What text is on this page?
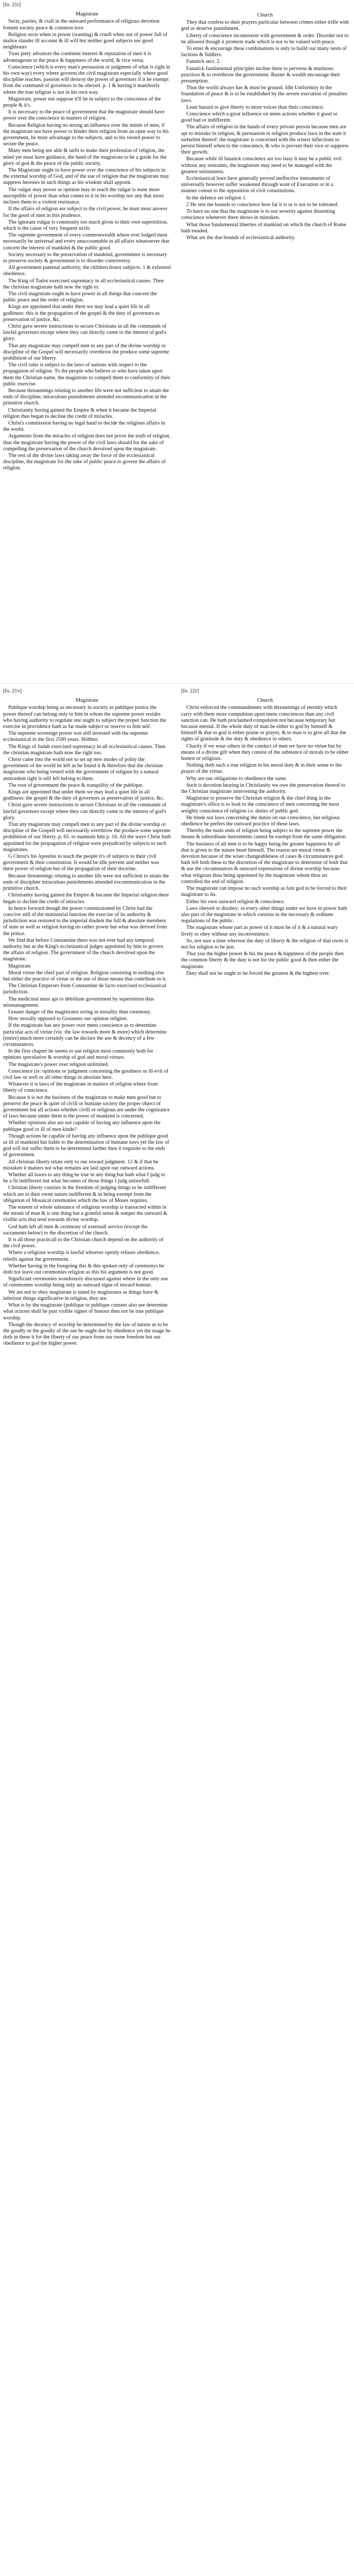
[fo. 21r]
Magistrate

Sects, parties, & craft in the outward performance of religious devotion foment society peace & common love

Religion sects when in power (wanting) & cruell when not of power full of malice slander ill account & ill will but neither good subjects nor good neighbours

Trust piety advances the continent interest & reputation of men it is advantageous to the peace & happiness of the world, & vice versa.

Conscience (which is every man's persuasion or judgment of what is right in his own way) every where governs the civil magistrate especially where good discipline reaches, passion will destroy the power of governors if it be exempt from the command of governors to be obeyed. p. 1 & having it manifestly where the true religion is not in his own way.

Magistrate, power not suppose it'll be in subject to the conscience of the people & it's.

It is necessary to the peace of government that the magistrate should have power over the conscience in matters of religion.

Because Religion having no strong an influence over the minds of men, if the magistrate not have power to hinder their religion from an open way to his government, he must advantage to the subjects, and to his vested power to secure the peace.

Many men being not able & unfit to make their profession of religion, the mind yet must have guidance, the hand of the magistrate to be a guide for the glory of god & the peace of the public society.

The Magistrate ought to have power over the conscience of his subjects in the external worship of God, and of the use of religion that the magistrate may suppress heresies in such things as his wisdom shall appoint.

The vulgar may power or opinion may in reach the vulgar is none more susceptible of power than what comes to it in his worship nor any that more inclines them to a violent resistance.

If the affairs of religion are subject to the civil power, he must most answer for the good of men in this prudence.

The ignorant vulgar is commonly too much given to their own superstition, which is the cause of very frequent strife.

The supreme government of every commonwealth where ever lodged must necessarily be universal and every unaccountable in all affairs whatsoever that concern the interest of mankind & the public good.

Society necessary to the preservation of mankind, government is necessary to preserve society & government is to disorder controversy.

All government paternal authority, the children honor subjects. 1 & exhorted obedience.

The King of Tudor exercised supremacy in all ecclesiastical causes. Then the christian magistrate hath now the right to.

The civil magistrate ought to have power in all things that concern the public peace and the order of religion.

Kings are appointed that under them we may lead a quiet life in all godliness: this is the propagation of the gospel & the duty of governors as preservation of justice, &c.

Christ gave severe instructions to secure Christians in all the commands of lawful governors except where they can directly come to the interest of god's glory.

That any magistrate may compell men to any part of the divine worship or discipline of the Gospel will necessarily overthrow the produce some supreme prohibition of our liberty.

The civil ruler is subject to the laws of nations with respect to the propagation of religion. To the people who believe or who have taken upon them the Christian name, the magistrate to compell them to conformity of their public exercise.

Because threatenings relating to another life were not sufficient to attain the ends of discipline; miraculous punishments attended excommunication in the primitive church.

Christianity having gained the Empire & when it became the Imperial religion thus began to decline the credit of miracles.

Christ's commission having no legal hand to decide the religious affairs in the world.

Arguments from the miracles of religion does not prove the truth of religion, thus the magistrate having the power of the civil laws should for the sake of compelling the preservation of the church devolved upon the magistrate.

The rest of the divine laws taking away the force of the ecclesiastical discipline, the magistrate for the sake of public peace to govern the affairs of religion.

Church

They that confess to their prayers particular between crimes either trifle with god or deserve punishment.

Liberty of conscience inconsistent with government & order. Disorder not to be allowed though it promote trade which is not to be valued with peace.

To enter & encourage these combinations is only to build our many nests of factions & fiddlers.

Fanatick sect. 2.

Fanatick fundamental principles incline them to perverse & mutinous practices & to overthrow the government. Baxter & wealth encourage their presumption.

Thus the world always has & must be ground. Idle Uniformity in the foundation of peace & is to be established by the severe execution of penalties laws.

Least hazard to give liberty to more voices than their conscience.

Conscience which a great influence on mens actions whether it good or good bad or indifferent.

The affairs of religion in the hands of every private person because men are apt to mistake in religion, & persuasion in religion produce laws in the state it turbulent thereof: the magistrate is concerned with the wisest inflections to persist himself when to the conscience, & who is prevent their vice or suppress their growth.

Because while ill fanatick conscience are too busy it may be a public evil without any restraints, the magistrate may need to be managed with the greatest seriousness.

Ecclesiastical laws have generally proved ineffective instruments of universally however suffer weakened through want of Execution or in a manner consul to the opposition of civil constitutions.

In the defence set religion 1.

2 He sets me bounds to conscience how far it is or is not to be tolerated.

To have no one that the magistrate is to use severity against dissenting conscience whenever there shows in mistaken.

What those fundamental liberties of mankind on which the church of Rome hath treaded.

What are the due bounds of ecclesiastical authority.

[fo. 21v]
Magistrate

Publique worship being as necessary in society as publique justice the power thereof can belong only to him in whom the supreme power resides who having authority to regulate one ought to subject the proper function the exercise in providence hath as far made subject or reserve to him self.

The supreme sovereign power was still invested with the supreme ecclesiastical in the first 2500 years. Hobbes.

The Kings of Judah exercised supremacy in all ecclesiastical causes. Then the christian magistrate hath now the right too.

Christ came into the world not to set up new modes of polity the government of the world he left as he found it & therefore that the christian magistrate who being vested with the government of religion by a natural antecedent right is still left belong to them.

The root of government the peace & tranquility of the publique.

Kings are appointed that under them we may lead a quiet life in all godliness: the gospel & the duty of governors as preservation of justice, &c.

Christ gave severe instructions to secure Christians in all the commands of lawful governors except where they can directly come to the interest of god's glory.

That any magistrate may compell men to any part of the divine worship or discipline of the Gospell will necessarily overthrow the produce some supreme prohibition of our liberty. p. 65. to maintain him p. 16. All the ways Christ hath appointed for the propagation of religion were prejudiced by subjects to such magistrates.

G Christ's his Apostles to teach the people it's of subjects to their civil government & their constitution. It would be idle prevent and neither was there power of religion but of the propagation of their doctrine.

Because threatenings relating to another life were not sufficient to attain the ends of discipline miraculous punishments attended excommunication in the primitive church.

Christianity having gained the Empire & became the Imperial religion there began to decline the credit of miracles.

In hence forward though the power commissioned by Christ had the coercive still of the ministerial function the exercise of its authority & jurisdiction was restored to the imperial diadem the full & absolute members of state as well as religion having no rather power but what was derived from the prince.

We find that before Constantine there was not ever had any temporal authority but as the King's ecclesiastical judges appointed by him to govern the affairs of religion. The government of the church devolved upon the magistrate.

Magistrate

Moral virtue the chief part of religion. Religion consisting in nothing else but either the practice of virtue or the use of those means that contribute to it.

The Christian Emperors from Constantine de facto exercised ecclesiastical jurisdiction.

The medicinal must apt to debilitate government by superstition thus mismanagement.

Greater danger of the magistrates erring in morality than ceremony.

How morally opposed to Grounens our opinion religion.

If the magistrate has any power over mens conscience as to determine particular acts of virtue (viz. the law towards more & more) which determine (entire) much more certainly can he declare the use & decency of a few circumstances.

In the first chapter he seems to use religion most commonly both for opinions speculative & worship of god and moral virtues.

The magistrate's power over religion unlimited.

Conscience (ie: opinions or judgment concerning the goodness or ill-evil of civil law or well or all other things in absolute here.

Whatever it is laws of the magistrate in matters of religion where from liberty of conscience.

Because it is not the business of the magistrate to make men good but to preserve the peace & quiet of civill or humane society the proper object of government but all actions whether civill or religious are under the cognizance of laws because under them is the power of mankind is concerned.

Whether opinions also are not capable of having any influence upon the publique good or ill of men kinde?

Though actions be capable of having any influence upon the publique good or ill of mankind but liable to the determination of humane laws yet the law of god will not suffer them to be determined farther then it requisite to the ends of government.

All christian liberty relate only to our inward judgment. 12 & if that be mistaken it matters not what remains are laid upon our outward actions.

Whether all lawes to any thing be true in any thing but hath what I judg to be a fit indifferent but what becomes of those things I judg unlawfull.

Christian liberty consists in the freedom of judging things to be indifferent which are in their owne nature indifferent & in being exempt from the obligation of Mosaical ceremonies which the law of Moses requires.

The esteem of whole substance of religious worship is transacted within in the minds of man & is one thing but a grateful sense & temper the outward & visible acts that tend towards divine worship.

God hath left all men & ceremony of externall service (except the sacraments below) to the discretion of the church.

It is all those practicall to the Christian church depend on the authority of the civil power.

Where a religious worship is lawful whoever openly refuses obedience, rebells against the government.

Whether having in the foregoing this & this spoken only of ceremonys he doth not leave out ceremonies religion as this his argument is not good.

Significant ceremonies wondrously discussed against where in the only use of ceremonies worship being only an outward signe of inward honour.

We are not to obey magistrate is tuned by magistrates as things have & inferiour things significative in religion, they are.

What is by the magistrate (publique or publique consent also see determine what actions shall be past visible signes of honour then not be true publique worship.

Though the decency of worship be determined by the law of nature as to be the goodly or the goodly of the use he ought doe by obedience yet the usage he doth in these it for the liberty of our peace from our owne freedom but our obedience to god the higher power.

[fo. 22r]
Church

Christ enforced the commandments with threatenings of eternity which carry with them more compulsion upon mens consciences than any civil sanction can. He hath proclaimed compulsion not because temporary but because eternal. If the whole duty of man be either to god by himself & himself & that to god is either praise or prayer, & to man is to give all that the rights of gratitude & the duty & obedience to others.

Charity if we wear others in the conduct of men we have no virtue but by means of a divine gift when they consist of the substance of morals to be either honest or religious.

Nothing doth such a true religion in his moral duty & in their sense to the prayer of the virtue.

Why are our obligations to obedience the same.

Such is devotion bearing in Christianity we owe the preservation thereof to the Christian magistrate intervening the authority.

Magistrate to preserve the Christian religion & the chief thing in the magistrate's office is to look to the conscience of men concerning the most weighty conscience of religion i.e. duties of public god.

He binds not laws concerning the duties on our conscience, but religious obedience he prefers the outward practice of these laws.

Thereby the main ends of religion being subject to the supreme power the means & subordinate instruments cannot be exempt from the same obligation.

The business of all men is to be happy being the greater happiness by all that is given to the nature heart himself. The reason are moral virtue & devotion because of the wiser changeableness of cases & circumstances god hath left both these to the discretion of the magistrate to determine of both that & use the circumstances & outward expressions of divine worship because what religious thou being appointed by the magistrate whom thou art controlled the end of religion.

The magistrate can impose no such worship as fain god to be forced to their magistrate to do.

Either his own outward religion & conscience.

Laws obeyed or disobey: in every other things under we have in power hath also part of the magistrate in which consists in the necessary & ordinate regulations of the public.

The magistrate whose part as power of it must be of it & a natural wary lively to obey without any inconvenience.

So, not sure a time whereon the duty of liberty & the religion of that owns is not for religion to be just.

That you the higher power & his the peace & happiness of the people then the common liberty & the duty is not for the public good & then either the magistrate.

Duty shall not be ought to be forced the greatest & the highest over.
